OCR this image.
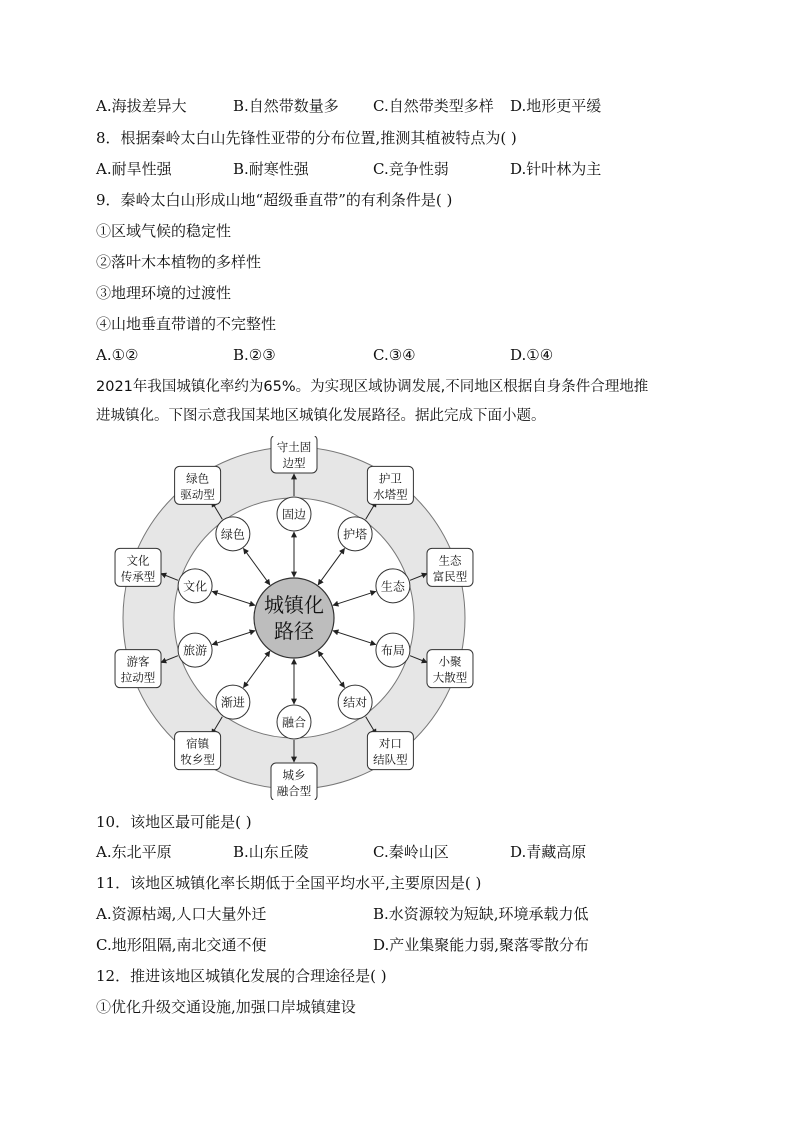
A.海拔差异大	B.自然带数量多 C.自然带类型多样 D.地形更平缓
8．根据秦岭太白山先锋性亚带的分布位置,推测其植被特点为( )
A.耐旱性强	B.耐寒性强	C.竞争性弱	D.针叶林为主
9．秦岭太白山形成山地“超级垂直带”的有利条件是( )
①区域气候的稳定性
②落叶木本植物的多样性
③地理环境的过渡性
④山地垂直带谱的不完整性
A.①②	B.②③	C.③④	D.①④
2021年我国城镇化率约为65%。为实现区域协调发展,不同地区根据自身条件合理地推
进城镇化。下图示意我国某地区城镇化发展路径。据此完成下面小题。
固边
守土固
边型
护塔
护卫
水塔型
生态
生态
富民型
布局
小聚
大散型
结对
对口
结队型
融合
城乡
融合型
渐进
宿镇
牧乡型
旅游
游客
拉动型
文化
文化
传承型
绿色
绿色
驱动型
城镇化
路径
10．该地区最可能是( )
A.东北平原	B.山东丘陵	C.秦岭山区	D.青藏高原
11．该地区城镇化率长期低于全国平均水平,主要原因是( )
A.资源枯竭,人口大量外迁	B.水资源较为短缺,环境承载力低
C.地形阻隔,南北交通不便	D.产业集聚能力弱,聚落零散分布
12．推进该地区城镇化发展的合理途径是( )
①优化升级交通设施,加强口岸城镇建设
